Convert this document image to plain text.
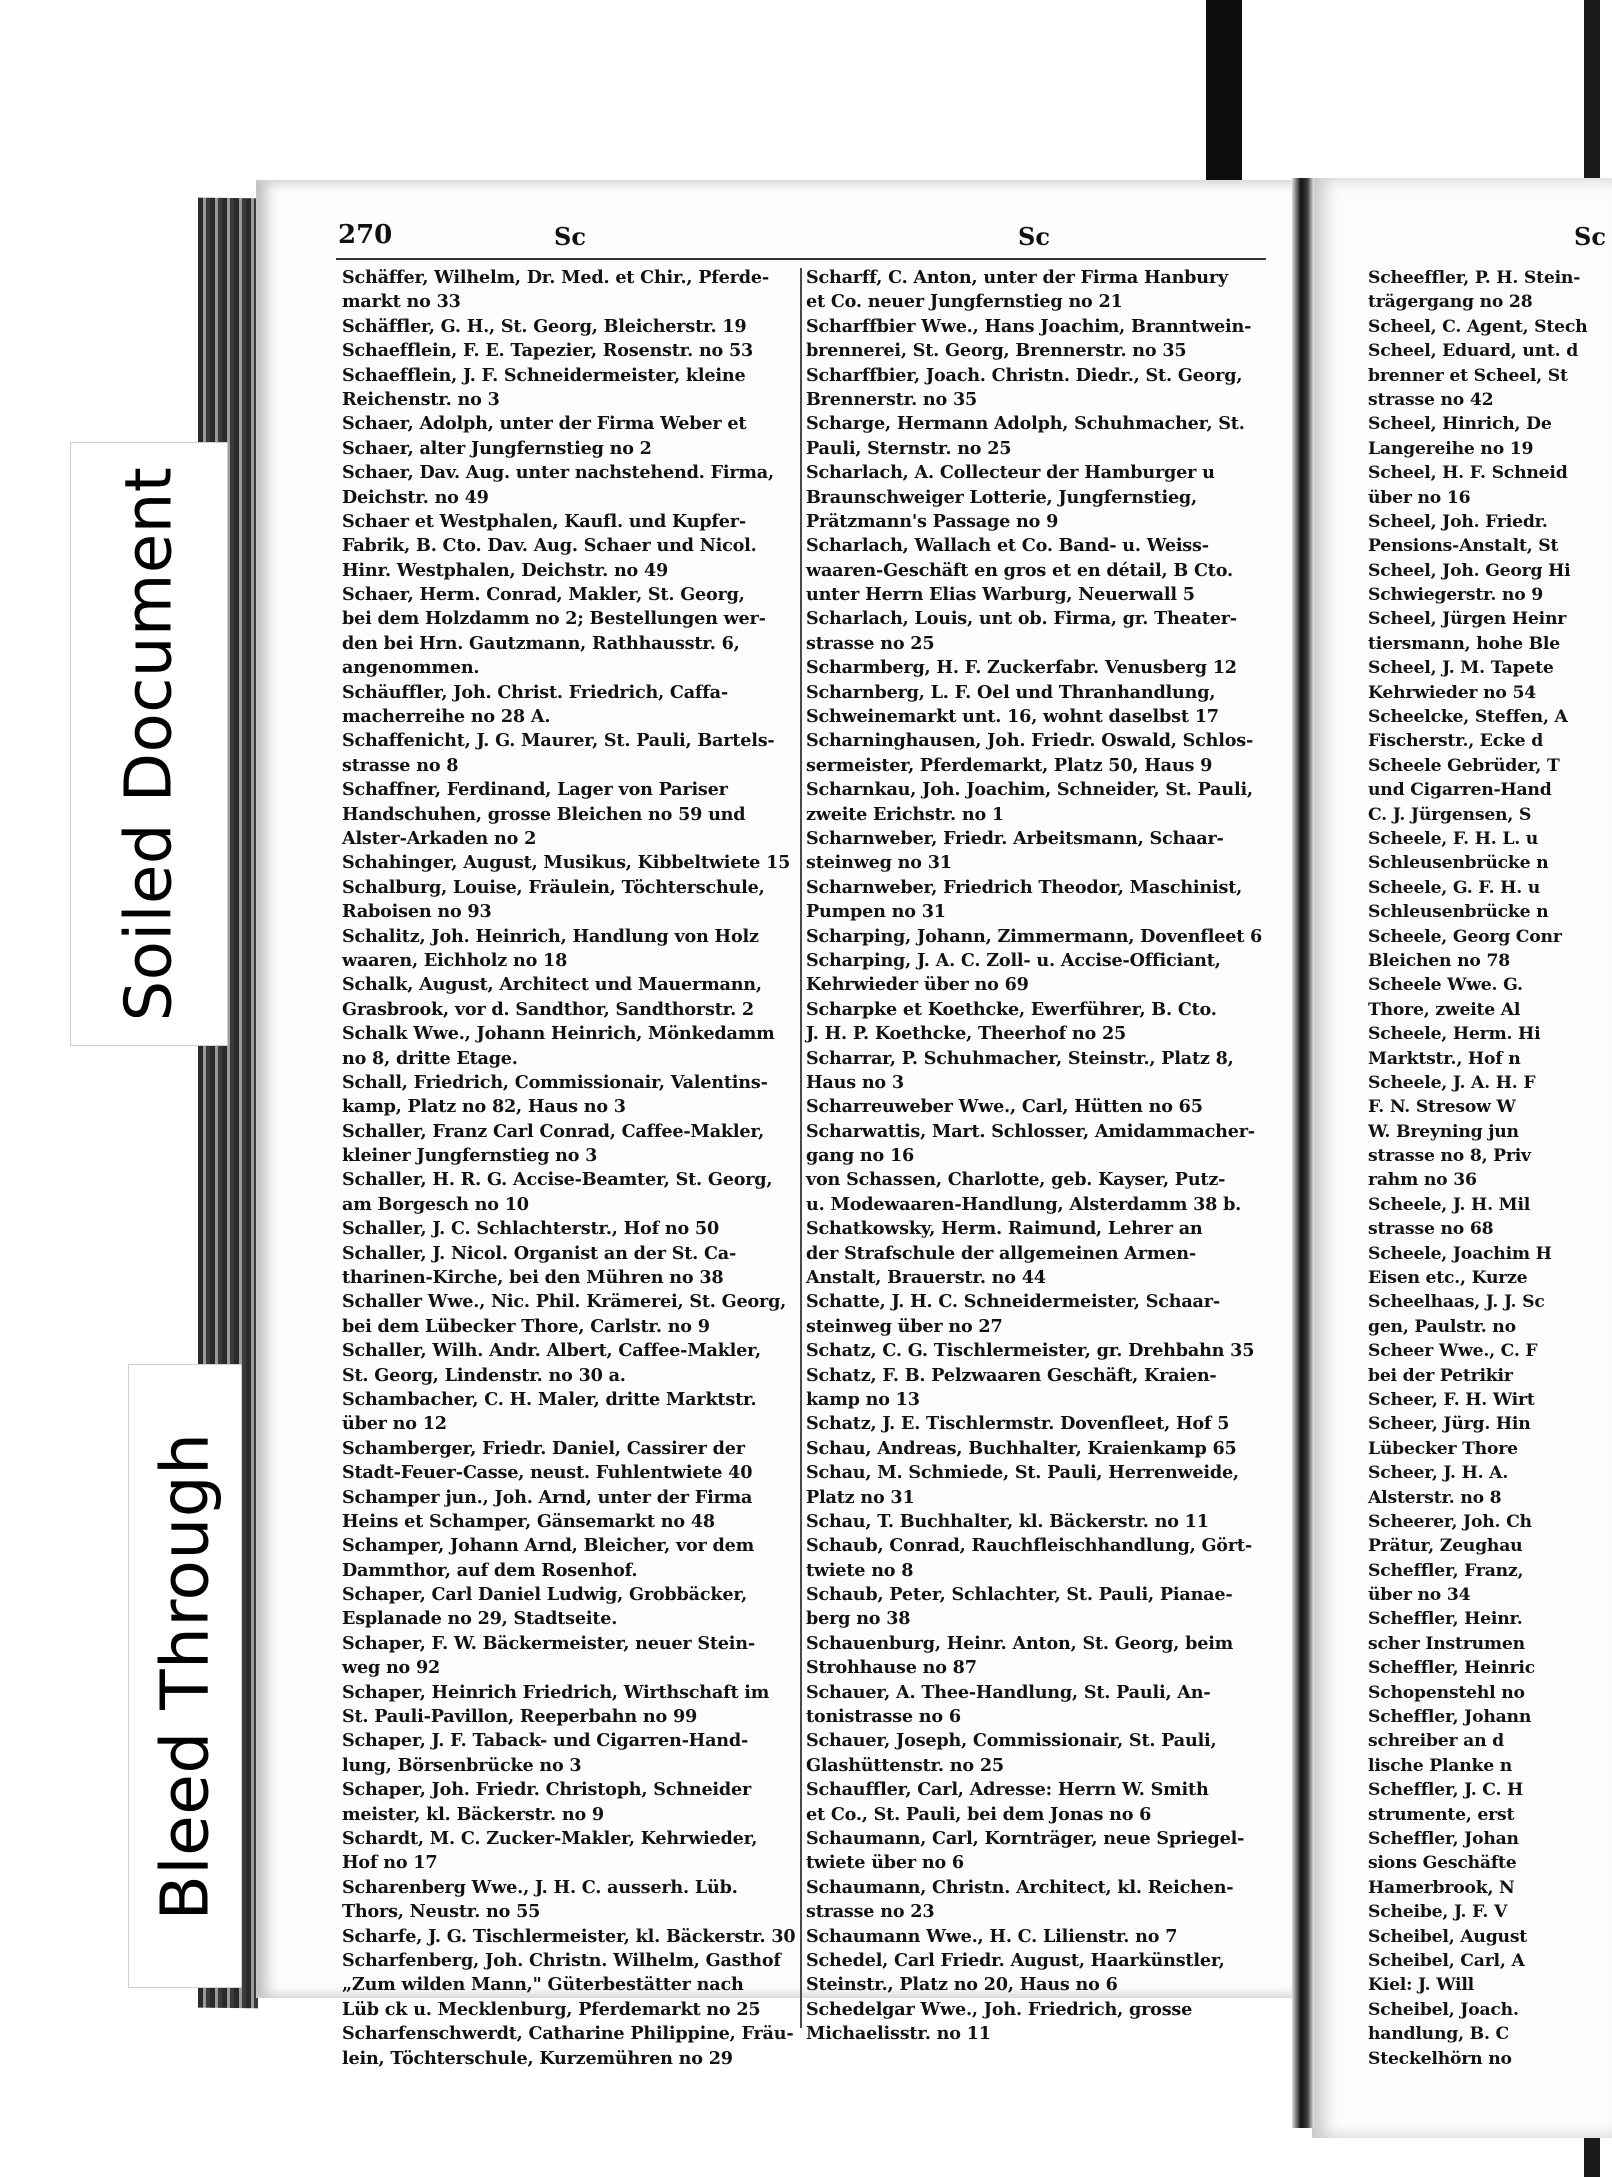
270	Sc	Sc	Sc
Schäffer, Wilhelm, Dr. Med. et Chir., Pferde-
markt no 33
Schäffler, G. H., St. Georg, Bleicherstr. 19
Schaefflein, F. E. Tapezier, Rosenstr. no 53
Schaefflein, J. F. Schneidermeister, kleine
Reichenstr. no 3
Schaer, Adolph, unter der Firma Weber et
Schaer, alter Jungfernstieg no 2
Schaer, Dav. Aug. unter nachstehend. Firma,
Deichstr. no 49
Schaer et Westphalen, Kaufl. und Kupfer-
Fabrik, B. Cto. Dav. Aug. Schaer und Nicol.
Hinr. Westphalen, Deichstr. no 49
Schaer, Herm. Conrad, Makler, St. Georg,
bei dem Holzdamm no 2; Bestellungen wer-
den bei Hrn. Gautzmann, Rathhausstr. 6,
angenommen.
Schäuffler, Joh. Christ. Friedrich, Caffa-
macherreihe no 28 A.
Schaffenicht, J. G. Maurer, St. Pauli, Bartels-
strasse no 8
Schaffner, Ferdinand, Lager von Pariser
Handschuhen, grosse Bleichen no 59 und
Alster-Arkaden no 2
Schahinger, August, Musikus, Kibbeltwiete 15
Schalburg, Louise, Fräulein, Töchterschule,
Raboisen no 93
Schalitz, Joh. Heinrich, Handlung von Holz
waaren, Eichholz no 18
Schalk, August, Architect und Mauermann,
Grasbrook, vor d. Sandthor, Sandthorstr. 2
Schalk Wwe., Johann Heinrich, Mönkedamm
no 8, dritte Etage.
Schall, Friedrich, Commissionair, Valentins-
kamp, Platz no 82, Haus no 3
Schaller, Franz Carl Conrad, Caffee-Makler,
kleiner Jungfernstieg no 3
Schaller, H. R. G. Accise-Beamter, St. Georg,
am Borgesch no 10
Schaller, J. C. Schlachterstr., Hof no 50
Schaller, J. Nicol. Organist an der St. Ca-
tharinen-Kirche, bei den Mühren no 38
Schaller Wwe., Nic. Phil. Krämerei, St. Georg,
bei dem Lübecker Thore, Carlstr. no 9
Schaller, Wilh. Andr. Albert, Caffee-Makler,
St. Georg, Lindenstr. no 30 a.
Schambacher, C. H. Maler, dritte Marktstr.
über no 12
Schamberger, Friedr. Daniel, Cassirer der
Stadt-Feuer-Casse, neust. Fuhlentwiete 40
Schamper jun., Joh. Arnd, unter der Firma
Heins et Schamper, Gänsemarkt no 48
Schamper, Johann Arnd, Bleicher, vor dem
Dammthor, auf dem Rosenhof.
Schaper, Carl Daniel Ludwig, Grobbäcker,
Esplanade no 29, Stadtseite.
Schaper, F. W. Bäckermeister, neuer Stein-
weg no 92
Schaper, Heinrich Friedrich, Wirthschaft im
St. Pauli-Pavillon, Reeperbahn no 99
Schaper, J. F. Taback- und Cigarren-Hand-
lung, Börsenbrücke no 3
Schaper, Joh. Friedr. Christoph, Schneider
meister, kl. Bäckerstr. no 9
Schardt, M. C. Zucker-Makler, Kehrwieder,
Hof no 17
Scharenberg Wwe., J. H. C. ausserh. Lüb.
Thors, Neustr. no 55
Scharfe, J. G. Tischlermeister, kl. Bäckerstr. 30
Scharfenberg, Joh. Christn. Wilhelm, Gasthof
„Zum wilden Mann," Güterbestätter nach
Lüb ck u. Mecklenburg, Pferdemarkt no 25
Scharfenschwerdt, Catharine Philippine, Fräu-
lein, Töchterschule, Kurzemühren no 29
Scharff, C. Anton, unter der Firma Hanbury
et Co. neuer Jungfernstieg no 21
Scharffbier Wwe., Hans Joachim, Branntwein-
brennerei, St. Georg, Brennerstr. no 35
Scharffbier, Joach. Christn. Diedr., St. Georg,
Brennerstr. no 35
Scharge, Hermann Adolph, Schuhmacher, St.
Pauli, Sternstr. no 25
Scharlach, A. Collecteur der Hamburger u
Braunschweiger Lotterie, Jungfernstieg,
Prätzmann's Passage no 9
Scharlach, Wallach et Co. Band- u. Weiss-
waaren-Geschäft en gros et en détail, B Cto.
unter Herrn Elias Warburg, Neuerwall 5
Scharlach, Louis, unt ob. Firma, gr. Theater-
strasse no 25
Scharmberg, H. F. Zuckerfabr. Venusberg 12
Scharnberg, L. F. Oel und Thranhandlung,
Schweinemarkt unt. 16, wohnt daselbst 17
Scharninghausen, Joh. Friedr. Oswald, Schlos-
sermeister, Pferdemarkt, Platz 50, Haus 9
Scharnkau, Joh. Joachim, Schneider, St. Pauli,
zweite Erichstr. no 1
Scharnweber, Friedr. Arbeitsmann, Schaar-
steinweg no 31
Scharnweber, Friedrich Theodor, Maschinist,
Pumpen no 31
Scharping, Johann, Zimmermann, Dovenfleet 6
Scharping, J. A. C. Zoll- u. Accise-Officiant,
Kehrwieder über no 69
Scharpke et Koethcke, Ewerführer, B. Cto.
J. H. P. Koethcke, Theerhof no 25
Scharrar, P. Schuhmacher, Steinstr., Platz 8,
Haus no 3
Scharreuweber Wwe., Carl, Hütten no 65
Scharwattis, Mart. Schlosser, Amidammacher-
gang no 16
von Schassen, Charlotte, geb. Kayser, Putz-
u. Modewaaren-Handlung, Alsterdamm 38 b.
Schatkowsky, Herm. Raimund, Lehrer an
der Strafschule der allgemeinen Armen-
Anstalt, Brauerstr. no 44
Schatte, J. H. C. Schneidermeister, Schaar-
steinweg über no 27
Schatz, C. G. Tischlermeister, gr. Drehbahn 35
Schatz, F. B. Pelzwaaren Geschäft, Kraien-
kamp no 13
Schatz, J. E. Tischlermstr. Dovenfleet, Hof 5
Schau, Andreas, Buchhalter, Kraienkamp 65
Schau, M. Schmiede, St. Pauli, Herrenweide,
Platz no 31
Schau, T. Buchhalter, kl. Bäckerstr. no 11
Schaub, Conrad, Rauchfleischhandlung, Gört-
twiete no 8
Schaub, Peter, Schlachter, St. Pauli, Pianae-
berg no 38
Schauenburg, Heinr. Anton, St. Georg, beim
Strohhause no 87
Schauer, A. Thee-Handlung, St. Pauli, An-
tonistrasse no 6
Schauer, Joseph, Commissionair, St. Pauli,
Glashüttenstr. no 25
Schauffler, Carl, Adresse: Herrn W. Smith
et Co., St. Pauli, bei dem Jonas no 6
Schaumann, Carl, Kornträger, neue Spriegel-
twiete über no 6
Schaumann, Christn. Architect, kl. Reichen-
strasse no 23
Schaumann Wwe., H. C. Lilienstr. no 7
Schedel, Carl Friedr. August, Haarkünstler,
Steinstr., Platz no 20, Haus no 6
Schedelgar Wwe., Joh. Friedrich, grosse
Michaelisstr. no 11
Scheeffler, P. H. Stein-
trägergang no 28
Scheel, C. Agent, Stech
Scheel, Eduard, unt. d
brenner et Scheel, St
strasse no 42
Scheel, Hinrich, De
Langereihe no 19
Scheel, H. F. Schneid
über no 16
Scheel, Joh. Friedr.
Pensions-Anstalt, St
Scheel, Joh. Georg Hi
Schwiegerstr. no 9
Scheel, Jürgen Heinr
tiersmann, hohe Ble
Scheel, J. M. Tapete
Kehrwieder no 54
Scheelcke, Steffen, A
Fischerstr., Ecke d
Scheele Gebrüder, T
und Cigarren-Hand
C. J. Jürgensen, S
Scheele, F. H. L. u
Schleusenbrücke n
Scheele, G. F. H. u
Schleusenbrücke n
Scheele, Georg Conr
Bleichen no 78
Scheele Wwe. G.
Thore, zweite Al
Scheele, Herm. Hi
Marktstr., Hof n
Scheele, J. A. H. F
F. N. Stresow W
W. Breyning jun
strasse no 8, Priv
rahm no 36
Scheele, J. H. Mil
strasse no 68
Scheele, Joachim H
Eisen etc., Kurze
Scheelhaas, J. J. Sc
gen, Paulstr. no
Scheer Wwe., C. F
bei der Petrikir
Scheer, F. H. Wirt
Scheer, Jürg. Hin
Lübecker Thore
Scheer, J. H. A.
Alsterstr. no 8
Scheerer, Joh. Ch
Prätur, Zeughau
Scheffler, Franz,
über no 34
Scheffler, Heinr.
scher Instrumen
Scheffler, Heinric
Schopenstehl no
Scheffler, Johann
schreiber an d
lische Planke n
Scheffler, J. C. H
strumente, erst
Scheffler, Johan
sions Geschäfte
Hamerbrook, N
Scheibe, J. F. V
Scheibel, August
Scheibel, Carl, A
Kiel: J. Will
Scheibel, Joach.
handlung, B. C
Steckelhörn no
Soiled Document
Bleed Through
